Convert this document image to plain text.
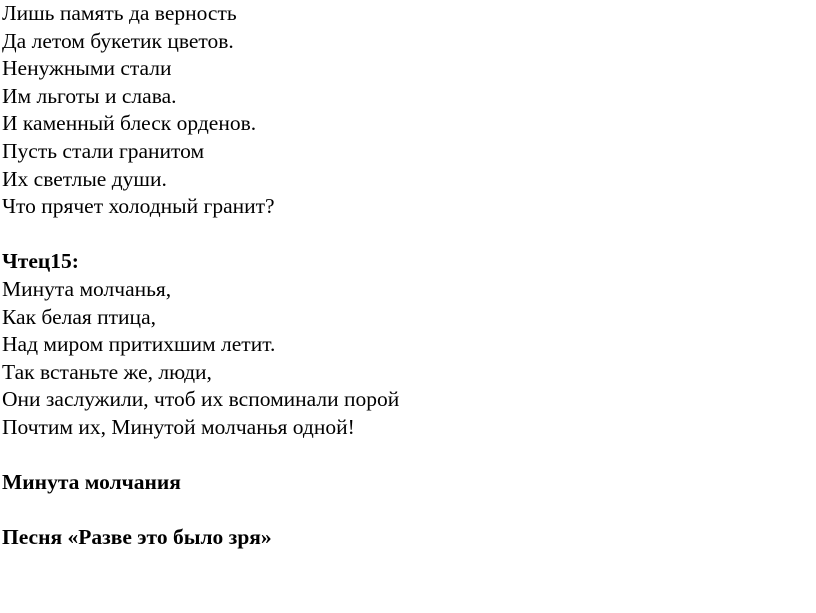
Лишь память да верность
Да летом букетик цветов.
Ненужными стали
Им льготы и слава.
И каменный блеск орденов.
Пусть стали гранитом
Их светлые души.
Что прячет холодный гранит?
Чтец15:
Минута молчанья,
Как белая птица,
Над миром притихшим летит.
Так встаньте же, люди,
Они заслужили, чтоб их вспоминали порой
Почтим их, Минутой молчанья одной!
Минута молчания
Песня «Разве это было зря»
